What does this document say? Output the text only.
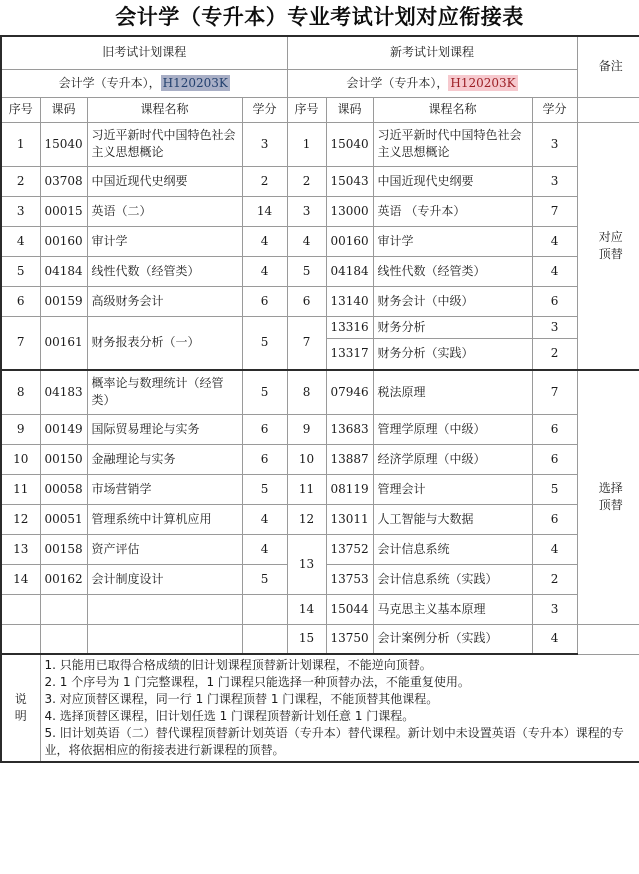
会计学（专升本）专业考试计划对应衔接表
旧考试计划课程				新考试计划课程				备注
会计学（专升本）， H120203K				会计学（专升本）， H120203K				
序号	课码	课程名称	学分	序号	课码	课程名称	学分	
1	15040	习近平新时代中国特色社会主义思想概论	3	1	15040	习近平新时代中国特色社会主义思想概论	3	对应
顶替
2	03708	中国近现代史纲要	2	2	15043	中国近现代史纲要	3	
3	00015	英语（二）	14	3	13000	英语 （专升本）	7	
4	00160	审计学	4	4	00160	审计学	4	
5	04184	线性代数（经管类）	4	5	04184	线性代数（经管类）	4	
6	00159	高级财务会计	6	6	13140	财务会计（中级）	6	
7	00161	财务报表分析（一）	5	7	13316	财务分析	3	
					13317	财务分析（实践）	2	
8	04183	概率论与数理统计（经管类）	5	8	07946	税法原理	7	选择
顶替
9	00149	国际贸易理论与实务	6	9	13683	管理学原理（中级）	6	
10	00150	金融理论与实务	6	10	13887	经济学原理（中级）	6	
11	00058	市场营销学	5	11	08119	管理会计	5	
12	00051	管理系统中计算机应用	4	12	13011	人工智能与大数据	6	
13	00158	资产评估	4	13	13752	会计信息系统	4	
14	00162	会计制度设计	5		13753	会计信息系统（实践）	2	
				14	15044	马克思主义基本原理	3	
				15	13750	会计案例分析（实践）	4	
说
明	

1. 只能用已取得合格成绩的旧计划课程顶替新计划课程，不能逆向顶替。

2. 1 个序号为 1 门完整课程，1 门课程只能选择一种顶替办法，不能重复使用。

3. 对应顶替区课程，同一行 1 门课程顶替 1 门课程，不能顶替其他课程。

4. 选择顶替区课程，旧计划任选 1 门课程顶替新计划任意 1 门课程。

5. 旧计划英语（二）替代课程顶替新计划英语（专升本）替代课程。新计划中未设置英语（专升本）课程的专业，将依据相应的衔接表进行新课程的顶替。
